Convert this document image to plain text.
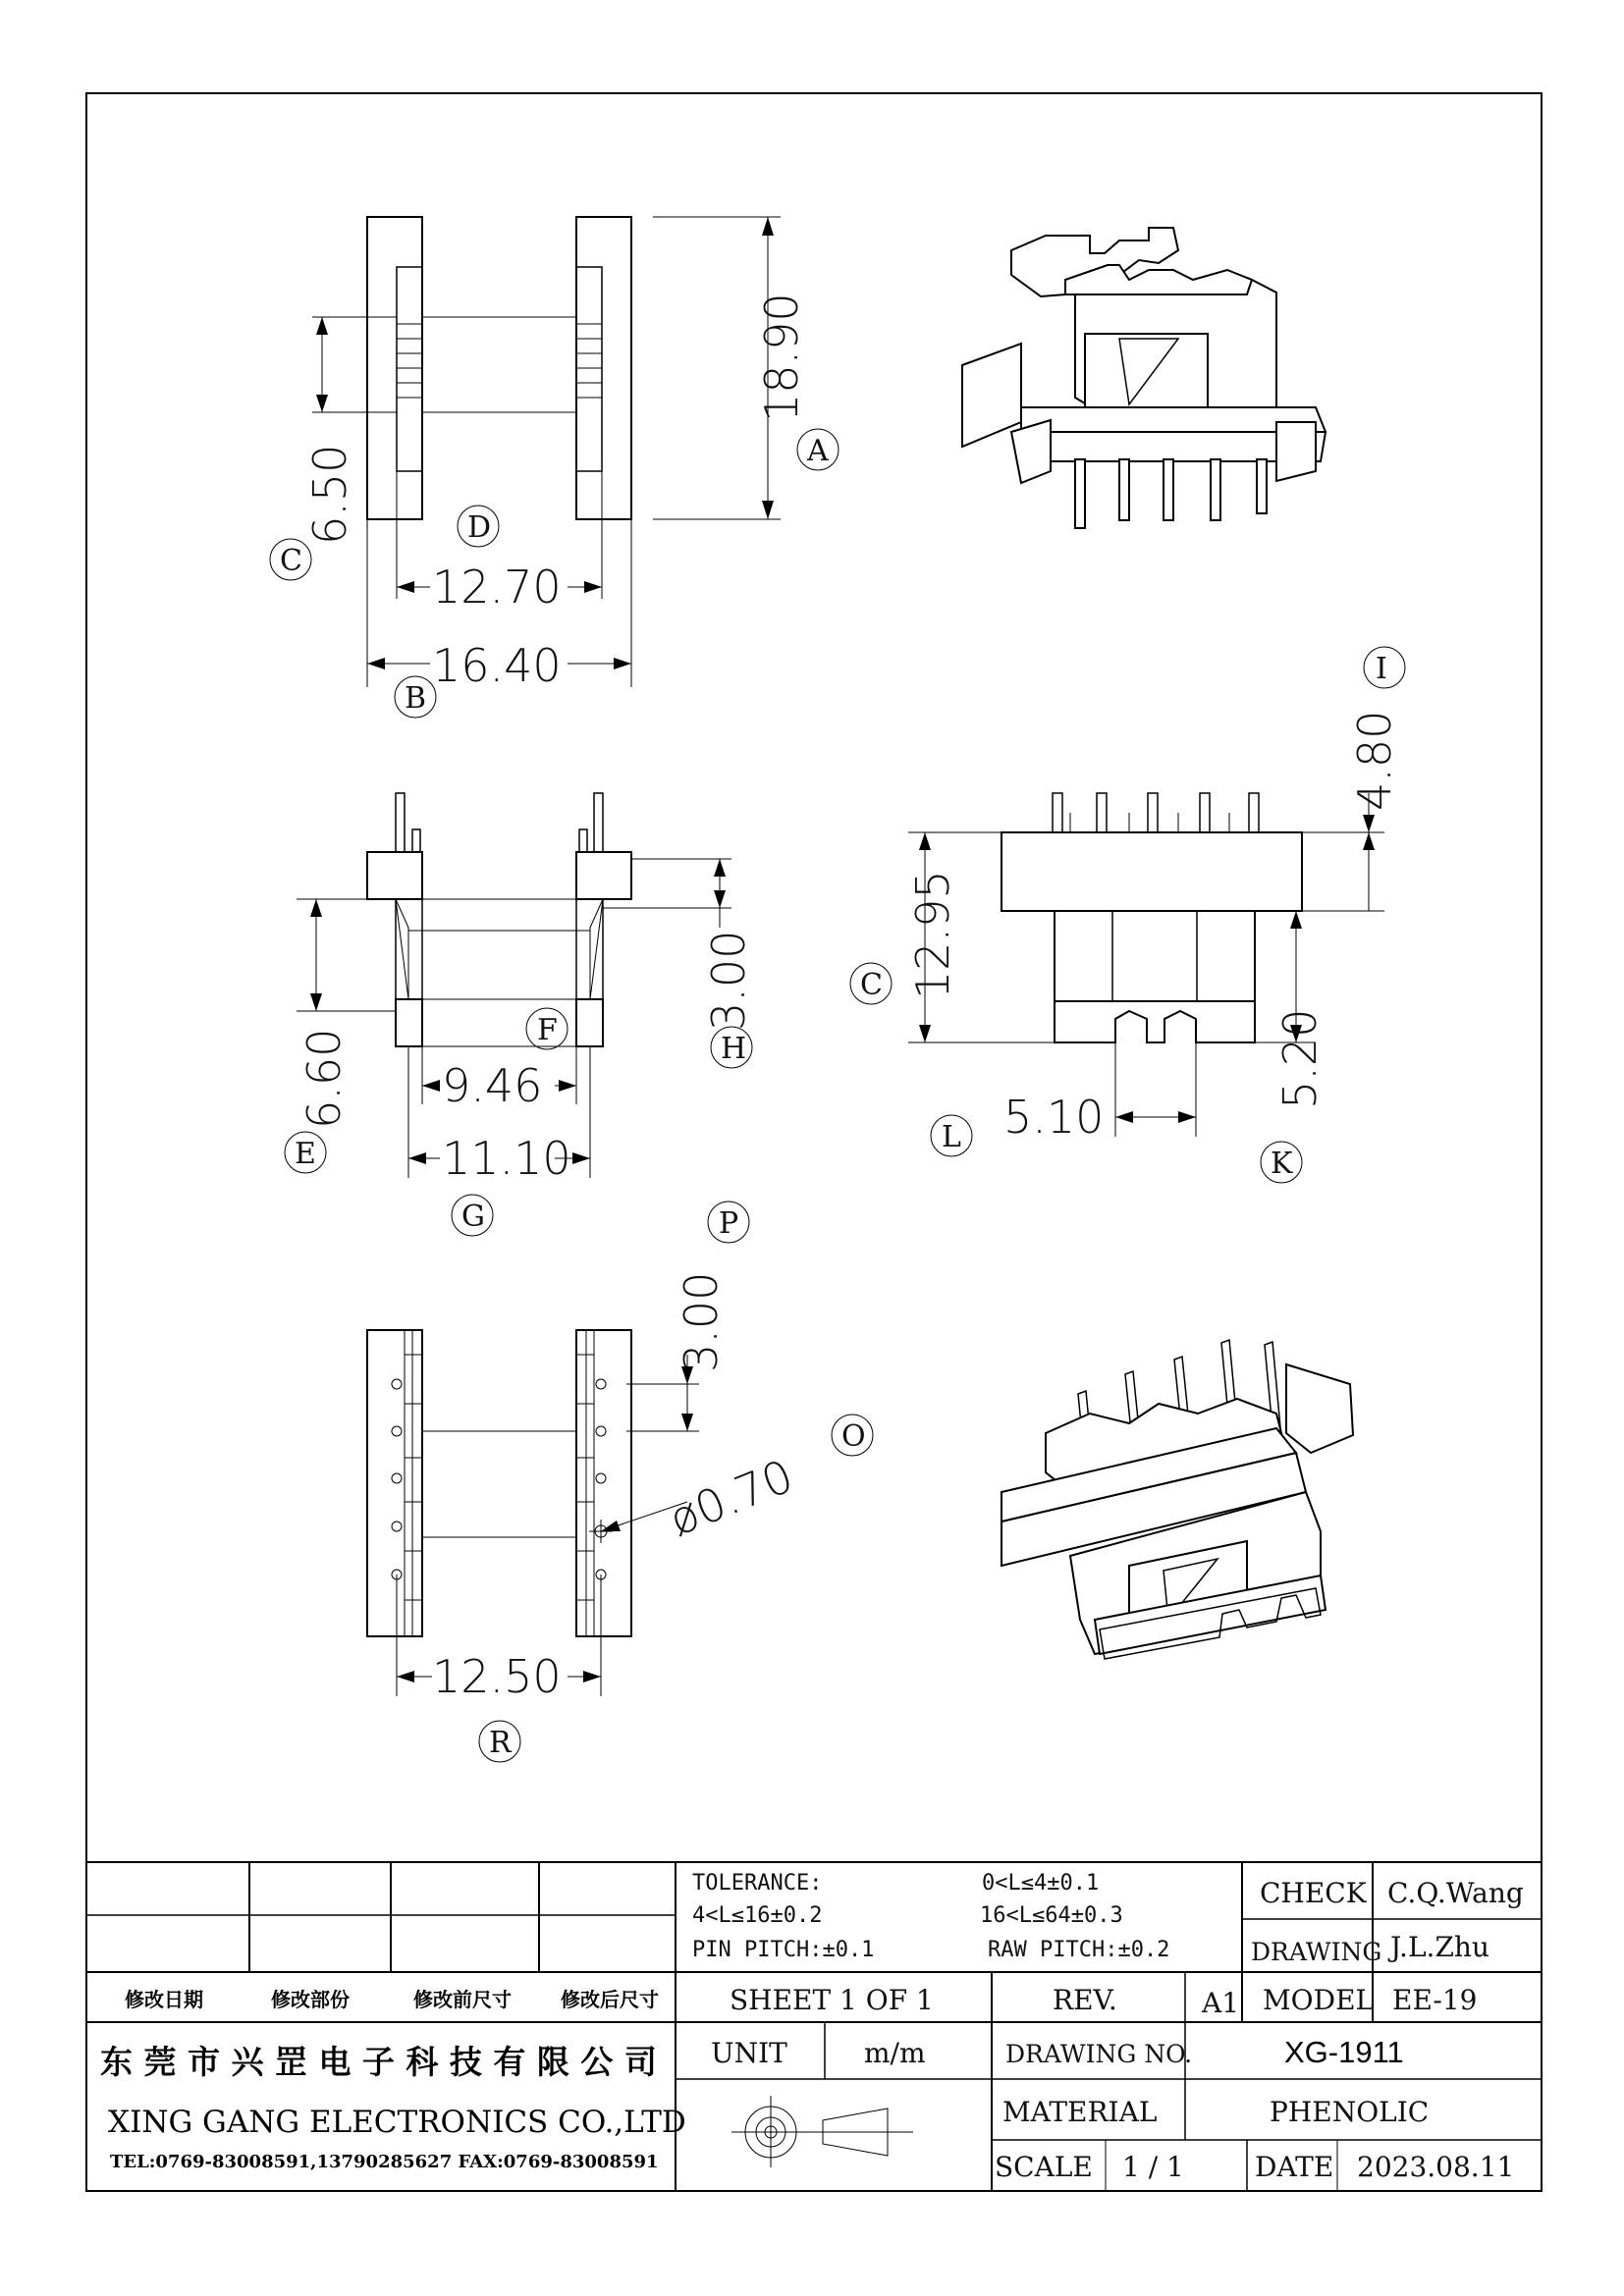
18.90
6.50
12.70
16.40
A
C
D
B
6.60
3.00
9.46
11.10
F
H
E
G
12.95
4.80
5.20
5.10
I
C
L
K
3.00
ø0.70
12.50
P
O
R
TOLERANCE:	0<L≤4±0.1
4<L≤16±0.2	16<L≤64±0.3
PIN PITCH:±0.1	RAW PITCH:±0.2
CHECK C.Q.Wang
DRAWING J.L.Zhu
修改日期	修改部份	修改前尺寸	修改后尺寸	SHEET 1 OF 1	REV.	A1 MODEL EE-19
东 莞 市 兴 罡 电 子 科 技 有 限 公 司
XING GANG ELECTRONICS CO.,LTD
TEL:0769-83008591,13790285627 FAX:0769-83008591
UNIT	m/m	DRAWING NO.	XG-1911
MATERIAL	PHENOLIC
SCALE 1 / 1	DATE 2023.08.11
